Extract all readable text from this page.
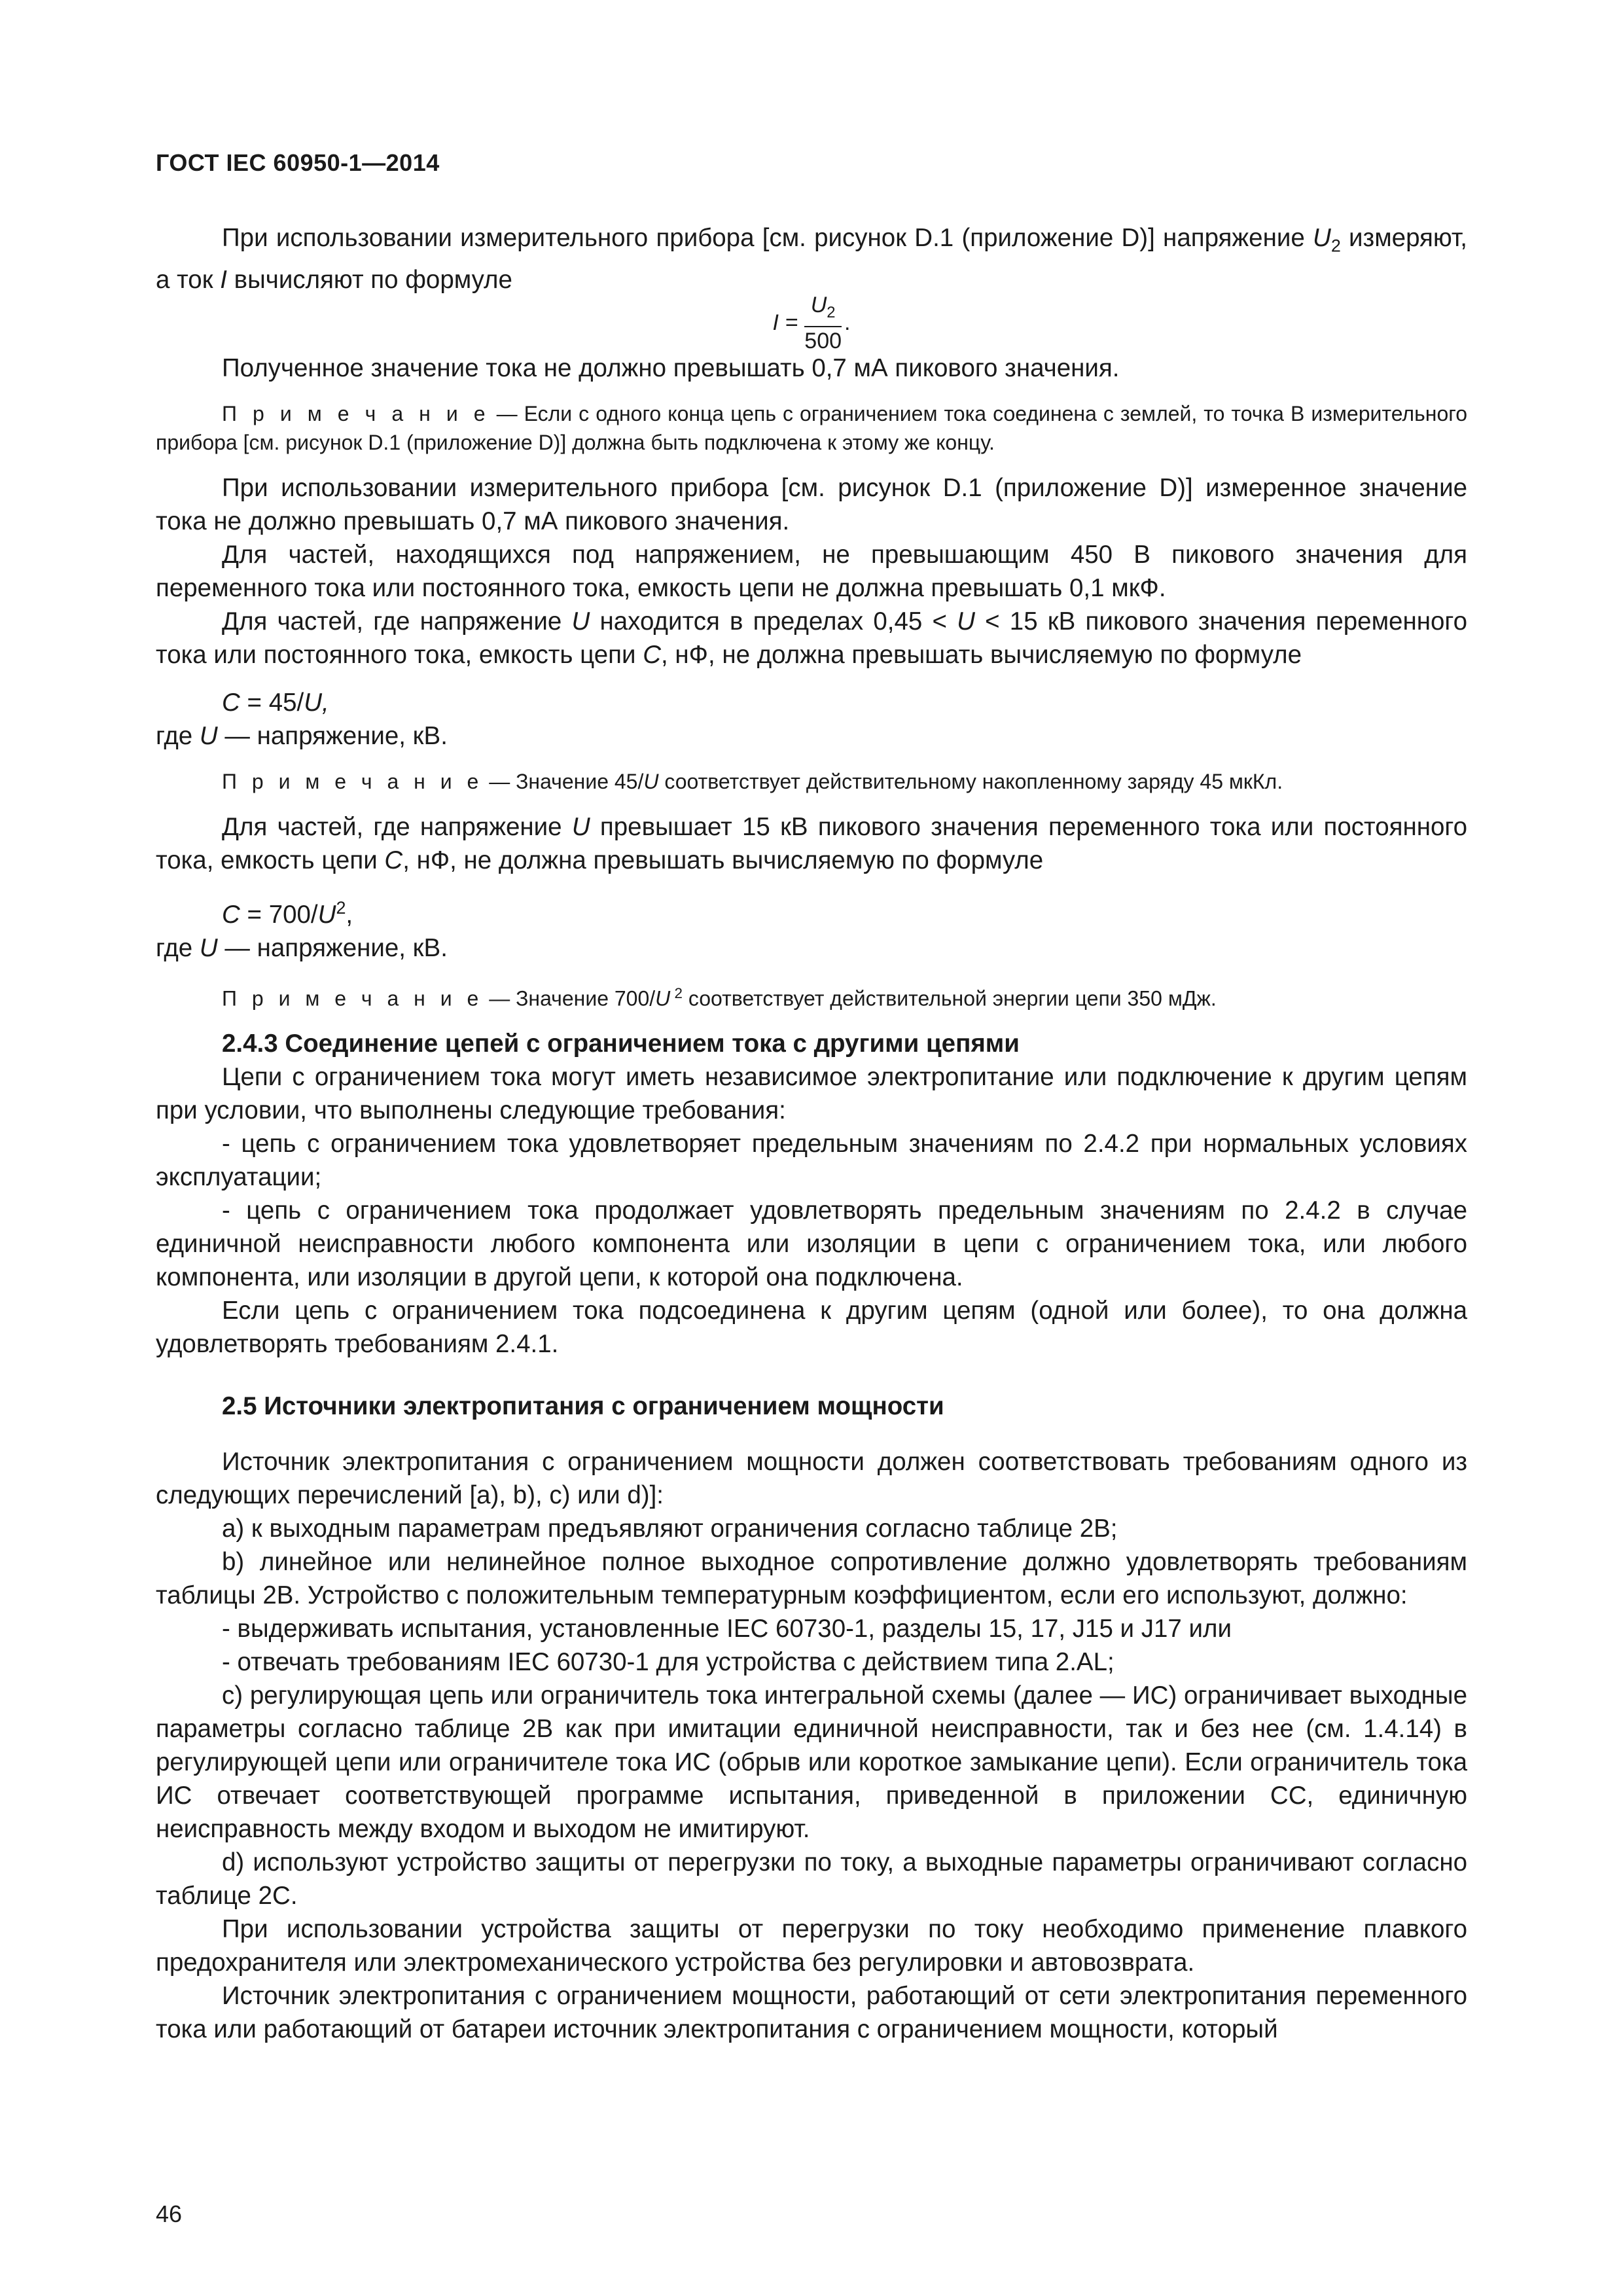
ГОСТ IEC 60950-1—2014

При использовании измерительного прибора [см. рисунок D.1 (приложение D)] напряжение $U_2$ измеряют, а ток I вычисляют по формуле

$I = \frac{U_2}{500}$ .

Полученное значение тока не должно превышать 0,7 мА пикового значения.

П р и м е ч а н и е — Если с одного конца цепь с ограничением тока соединена с землей, то точка B измерительного прибора [см. рисунок D.1 (приложение D)] должна быть подключена к этому же концу.

При использовании измерительного прибора [см. рисунок D.1 (приложение D)] измеренное значение тока не должно превышать 0,7 мА пикового значения.

Для частей, находящихся под напряжением, не превышающим 450 В пикового значения для переменного тока или постоянного тока, емкость цепи не должна превышать 0,1 мкФ.

Для частей, где напряжение U находится в пределах 0,45 < U < 15 кВ пикового значения переменного тока или постоянного тока, емкость цепи C, нФ, не должна превышать вычисляемую по формуле

C = 45/U,

где U — напряжение, кВ.

П р и м е ч а н и е — Значение 45/U соответствует действительному накопленному заряду 45 мкКл.

Для частей, где напряжение U превышает 15 кВ пикового значения переменного тока или постоянного тока, емкость цепи C, нФ, не должна превышать вычисляемую по формуле

$C = 700/U^2$,

где U — напряжение, кВ.

П р и м е ч а н и е — Значение 700/U $^2$ соответствует действительной энергии цепи 350 мДж.

2.4.3 Соединение цепей с ограничением тока с другими цепями

Цепи с ограничением тока могут иметь независимое электропитание или подключение к другим цепям при условии, что выполнены следующие требования:

- цепь с ограничением тока удовлетворяет предельным значениям по 2.4.2 при нормальных условиях эксплуатации;

- цепь с ограничением тока продолжает удовлетворять предельным значениям по 2.4.2 в случае единичной неисправности любого компонента или изоляции в цепи с ограничением тока, или любого компонента, или изоляции в другой цепи, к которой она подключена.

Если цепь с ограничением тока подсоединена к другим цепям (одной или более), то она должна удовлетворять требованиям 2.4.1.

2.5 Источники электропитания с ограничением мощности

Источник электропитания с ограничением мощности должен соответствовать требованиям одного из следующих перечислений [a), b), c) или d)]:

a) к выходным параметрам предъявляют ограничения согласно таблице 2B;

b) линейное или нелинейное полное выходное сопротивление должно удовлетворять требованиям таблицы 2B. Устройство с положительным температурным коэффициентом, если его используют, должно:

- выдерживать испытания, установленные IEC 60730-1, разделы 15, 17, J15 и J17 или

- отвечать требованиям IEC 60730-1 для устройства с действием типа 2.AL;

c) регулирующая цепь или ограничитель тока интегральной схемы (далее — ИС) ограничивает выходные параметры согласно таблице 2B как при имитации единичной неисправности, так и без нее (см. 1.4.14) в регулирующей цепи или ограничителе тока ИС (обрыв или короткое замыкание цепи). Если ограничитель тока ИС отвечает соответствующей программе испытания, приведенной в приложении CC, единичную неисправность между входом и выходом не имитируют.

d) используют устройство защиты от перегрузки по току, а выходные параметры ограничивают согласно таблице 2C.

При использовании устройства защиты от перегрузки по току необходимо применение плавкого предохранителя или электромеханического устройства без регулировки и автовозврата.

Источник электропитания с ограничением мощности, работающий от сети электропитания переменного тока или работающий от батареи источник электропитания с ограничением мощности, который

46
